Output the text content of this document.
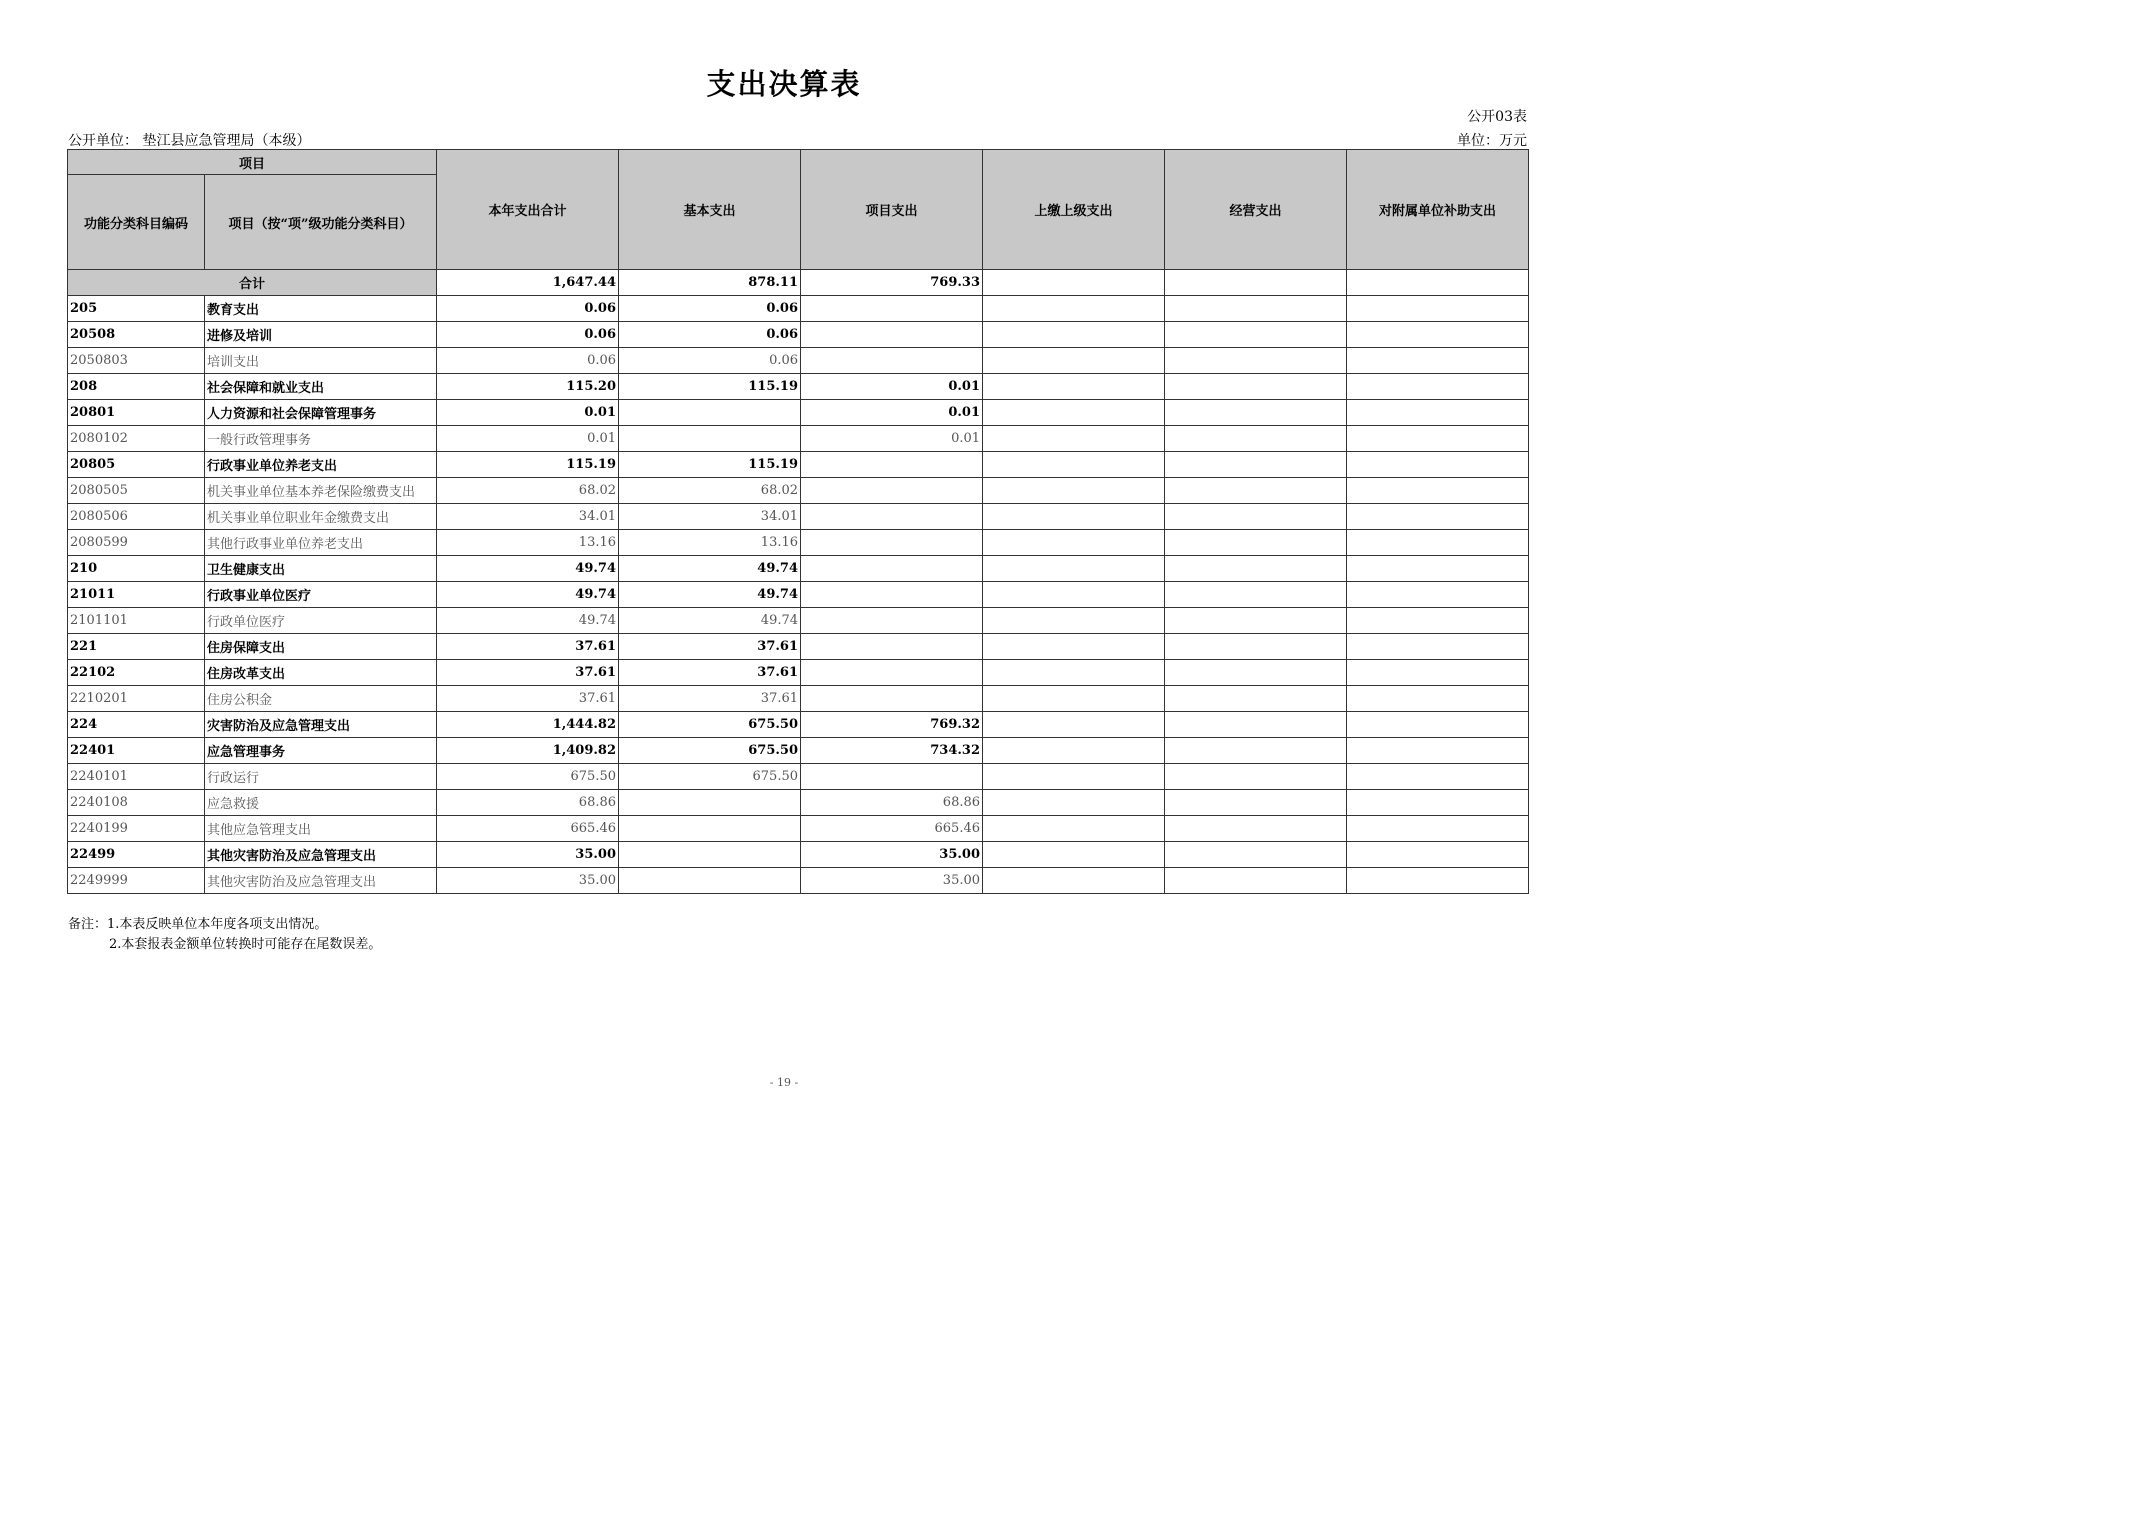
支出决算表
公开03表
公开单位： 垫江县应急管理局（本级）	单位：万元
项目		本年支出合计	基本支出	项目支出	上缴上级支出	经营支出	对附属单位补助支出
功能分类科目编码	项目（按“项”级功能分类科目）						
合计		1,647.44	878.11	769.33			
205	教育支出	0.06	0.06				
20508	进修及培训	0.06	0.06				
2050803	培训支出	0.06	0.06				
208	社会保障和就业支出	115.20	115.19	0.01			
20801	人力资源和社会保障管理事务	0.01		0.01			
2080102	一般行政管理事务	0.01		0.01			
20805	行政事业单位养老支出	115.19	115.19				
2080505	机关事业单位基本养老保险缴费支出	68.02	68.02				
2080506	机关事业单位职业年金缴费支出	34.01	34.01				
2080599	其他行政事业单位养老支出	13.16	13.16				
210	卫生健康支出	49.74	49.74				
21011	行政事业单位医疗	49.74	49.74				
2101101	行政单位医疗	49.74	49.74				
221	住房保障支出	37.61	37.61				
22102	住房改革支出	37.61	37.61				
2210201	住房公积金	37.61	37.61				
224	灾害防治及应急管理支出	1,444.82	675.50	769.32			
22401	应急管理事务	1,409.82	675.50	734.32			
2240101	行政运行	675.50	675.50				
2240108	应急救援	68.86		68.86			
2240199	其他应急管理支出	665.46		665.46			
22499	其他灾害防治及应急管理支出	35.00		35.00			
2249999	其他灾害防治及应急管理支出	35.00		35.00			
备注：1.本表反映单位本年度各项支出情况。
2.本套报表金额单位转换时可能存在尾数误差。
- 19 -
